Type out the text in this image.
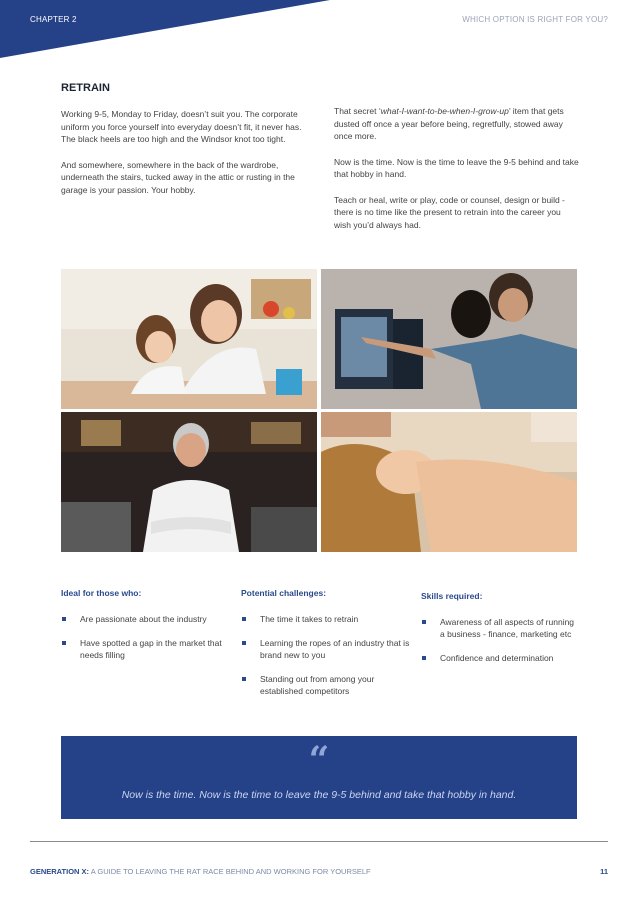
CHAPTER 2	WHICH OPTION IS RIGHT FOR YOU?
RETRAIN

Working 9-5, Monday to Friday, doesn’t suit you. The corporate uniform you force yourself into everyday doesn’t fit, it never has. The black heels are too high and the Windsor knot too tight.

And somewhere, somewhere in the back of the wardrobe, underneath the stairs, tucked away in the attic or rusting in the garage is your passion. Your hobby.

That secret ‘what-I-want-to-be-when-I-grow-up’ item that gets dusted off once a year before being, regretfully, stowed away once more.

Now is the time. Now is the time to leave the 9-5 behind and take that hobby in hand.

Teach or heal, write or play, code or counsel, design or build - there is no time like the present to retrain into the career you wish you’d always had.

Ideal for those who:
Are passionate about the industry
Have spotted a gap in the market that needs filling
Potential challenges:
The time it takes to retrain
Learning the ropes of an industry that is brand new to you
Standing out from among your established competitors
Skills required:
Awareness of all aspects of running a business - finance, marketing etc
Confidence and determination
“
Now is the time. Now is the time to leave the 9-5 behind and take that hobby in hand.
GENERATION X: A GUIDE TO LEAVING THE RAT RACE BEHIND AND WORKING FOR YOURSELF	11
